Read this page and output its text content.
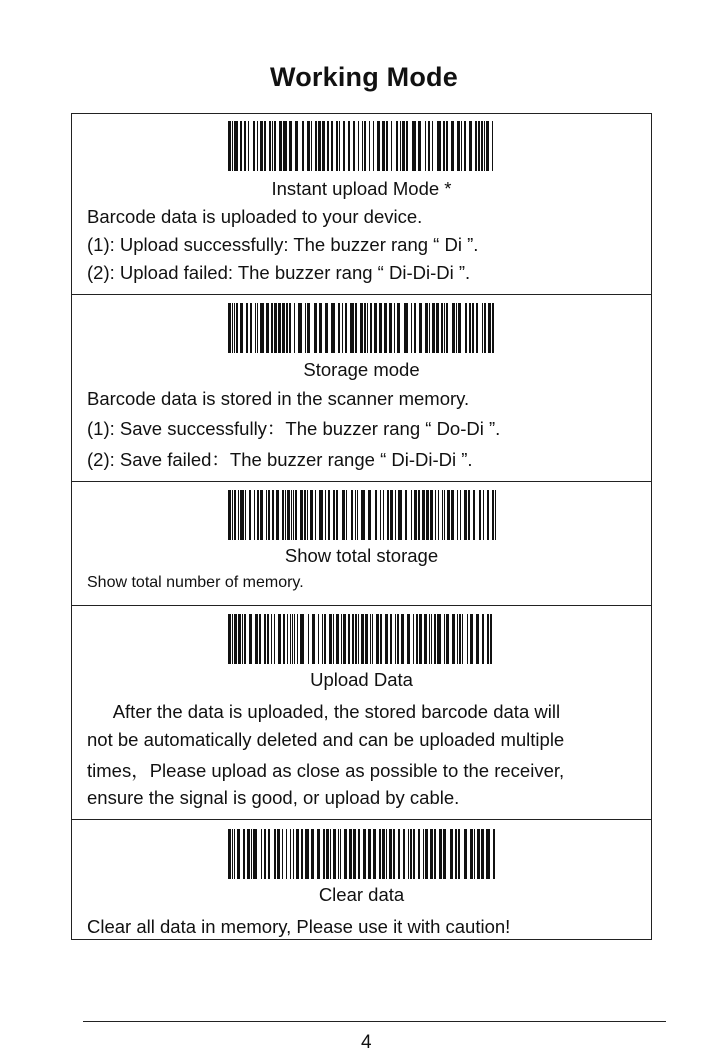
Working Mode
Instant upload Mode *
Barcode data is uploaded to your device.
(1): Upload successfully: The buzzer rang “ Di ”.
(2): Upload failed: The buzzer rang “ Di-Di-Di ”.
Storage mode
Barcode data is stored in the scanner memory.
(1): Save successfully：The buzzer rang “ Do-Di ”.
(2): Save failed：The buzzer range “ Di-Di-Di ”.
Show total storage
Show total number of memory.
Upload Data
After the data is uploaded, the stored barcode data will
not be automatically deleted and can be uploaded multiple
times，Please upload as close as possible to the receiver,
ensure the signal is good, or upload by cable.
Clear data
Clear all data in memory, Please use it with caution!
4
